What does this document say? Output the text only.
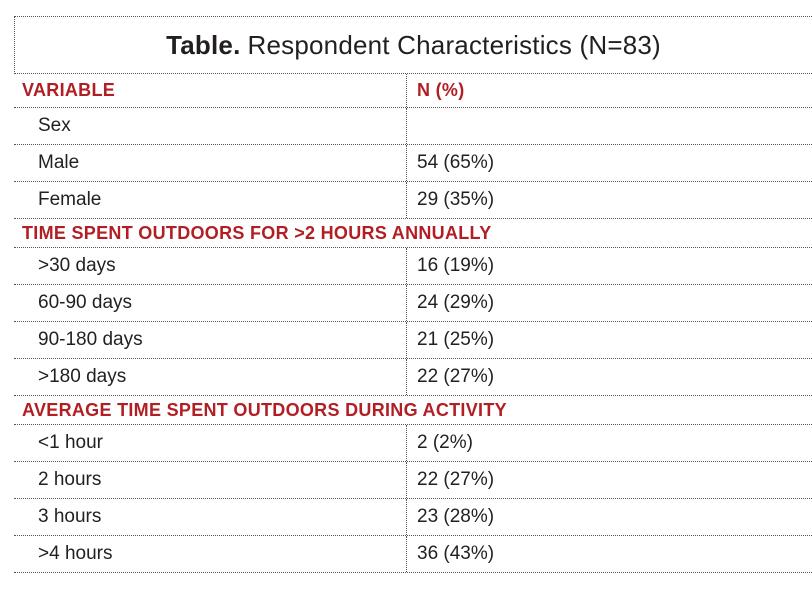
Table. Respondent Characteristics (N=83)
VARIABLE	N (%)
Sex
Male	54 (65%)
Female	29 (35%)
TIME SPENT OUTDOORS FOR >2 HOURS ANNUALLY
>30 days	16 (19%)
60-90 days	24 (29%)
90-180 days	21 (25%)
>180 days	22 (27%)
AVERAGE TIME SPENT OUTDOORS DURING ACTIVITY
<1 hour	2 (2%)
2 hours	22 (27%)
3 hours	23 (28%)
>4 hours	36 (43%)
